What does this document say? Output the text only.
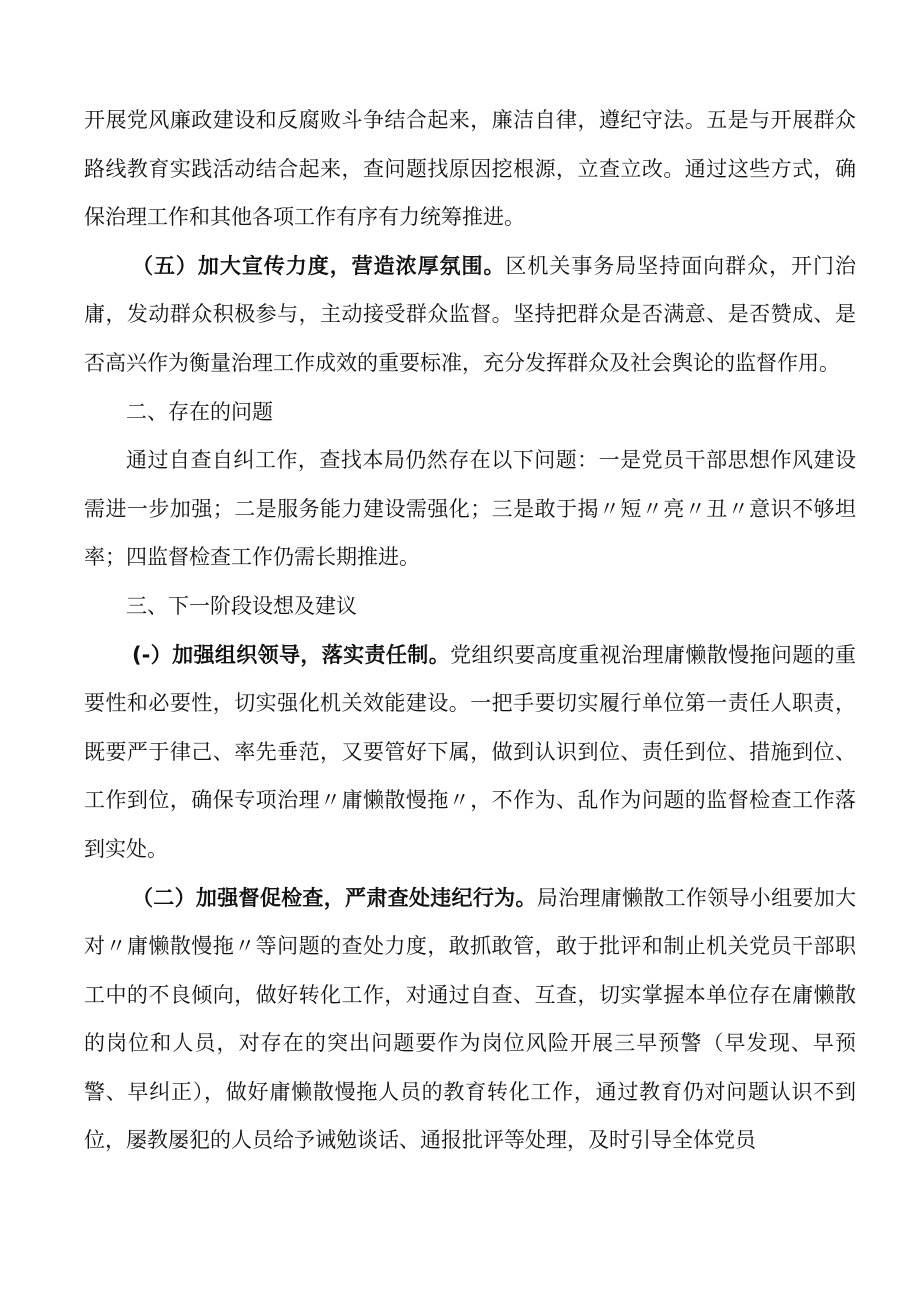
开展党风廉政建设和反腐败斗争结合起来，廉洁自律，遵纪守法。五是与开展群众路线教育实践活动结合起来，查问题找原因挖根源，立查立改。通过这些方式，确保治理工作和其他各项工作有序有力统筹推进。

（五）加大宣传力度，营造浓厚氛围。区机关事务局坚持面向群众，开门治庸，发动群众积极参与，主动接受群众监督。坚持把群众是否满意、是否赞成、是否高兴作为衡量治理工作成效的重要标准，充分发挥群众及社会舆论的监督作用。

二、存在的问题

通过自查自纠工作，查找本局仍然存在以下问题：一是党员干部思想作风建设需进一步加强；二是服务能力建设需强化；三是敢于揭〃短〃亮〃丑〃意识不够坦率；四监督检查工作仍需长期推进。

三、下一阶段设想及建议

(-）加强组织领导，落实责任制。党组织要高度重视治理庸懒散慢拖问题的重要性和必要性，切实强化机关效能建设。一把手要切实履行单位第一责任人职责，既要严于律己、率先垂范，又要管好下属，做到认识到位、责任到位、措施到位、工作到位，确保专项治理〃庸懒散慢拖〃，不作为、乱作为问题的监督检查工作落到实处。

（二）加强督促检查，严肃查处违纪行为。局治理庸懒散工作领导小组要加大对〃庸懒散慢拖〃等问题的查处力度，敢抓敢管，敢于批评和制止机关党员干部职工中的不良倾向，做好转化工作，对通过自查、互查，切实掌握本单位存在庸懒散的岗位和人员，对存在的突出问题要作为岗位风险开展三早预警（早发现、早预警、早纠正），做好庸懒散慢拖人员的教育转化工作，通过教育仍对问题认识不到位，屡教屡犯的人员给予诫勉谈话、通报批评等处理，及时引导全体党员
